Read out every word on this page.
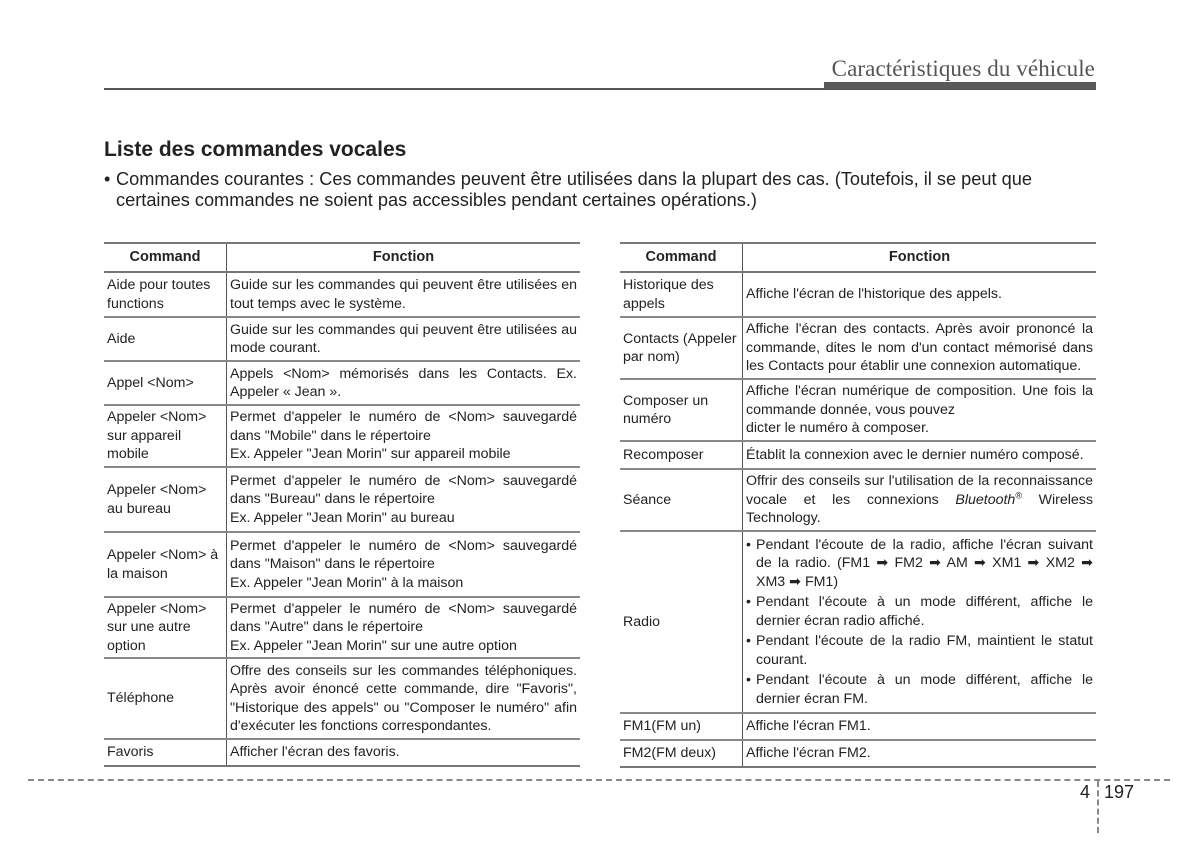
Caractéristiques du véhicule
Liste des commandes vocales
• Commandes courantes : Ces commandes peuvent être utilisées dans la plupart des cas. (Toutefois, il se peut que certaines commandes ne soient pas accessibles pendant certaines opérations.)
Command	Fonction
Aide pour toutes functions	Guide sur les commandes qui peuvent être utilisées en tout temps avec le système.
Aide	Guide sur les commandes qui peuvent être utilisées au mode courant.
Appel <Nom>	Appels <Nom> mémorisés dans les Contacts. Ex. Appeler « Jean ».
Appeler <Nom> sur appareil mobile	Permet d'appeler le numéro de <Nom> sauvegardé dans "Mobile" dans le répertoire
Ex. Appeler "Jean Morin" sur appareil mobile

Appeler <Nom> au bureau	Permet d'appeler le numéro de <Nom> sauvegardé dans "Bureau" dans le répertoire
Ex. Appeler "Jean Morin" au bureau

Appeler <Nom> à la maison	Permet d'appeler le numéro de <Nom> sauvegardé dans "Maison" dans le répertoire
Ex. Appeler "Jean Morin" à la maison

Appeler <Nom> sur une autre option	Permet d'appeler le numéro de <Nom> sauvegardé dans "Autre" dans le répertoire
Ex. Appeler "Jean Morin" sur une autre option

Téléphone	Offre des conseils sur les commandes téléphoniques. Après avoir énoncé cette commande, dire "Favoris", "Historique des appels" ou "Composer le numéro" afin d'exécuter les fonctions correspondantes.
Favoris	Afficher l'écran des favoris.
Command	Fonction
Historique des appels	Affiche l'écran de l'historique des appels.
Contacts (Appeler par nom)	Affiche l'écran des contacts. Après avoir prononcé la commande, dites le nom d'un contact mémorisé dans les Contacts pour établir une connexion automatique.
Composer un numéro	Affiche l'écran numérique de composition. Une fois la commande donnée, vous pouvez
dicter le numéro à composer.

Recomposer	Établit la connexion avec le dernier numéro composé.
Séance	Offrir des conseils sur l'utilisation de la reconnaissance vocale et les connexions Bluetooth® Wireless Technology.
Radio	
• Pendant l'écoute de la radio, affiche l'écran suivant de la radio. (FM1 ➡ FM2 ➡ AM ➡ XM1 ➡ XM2 ➡ XM3 ➡ FM1)
• Pendant l'écoute à un mode différent, affiche le dernier écran radio affiché.
• Pendant l'écoute de la radio FM, maintient le statut courant.
• Pendant l'écoute à un mode différent, affiche le dernier écran FM.

FM1(FM un)	Affiche l'écran FM1.
FM2(FM deux)	Affiche l'écran FM2.
4 197
